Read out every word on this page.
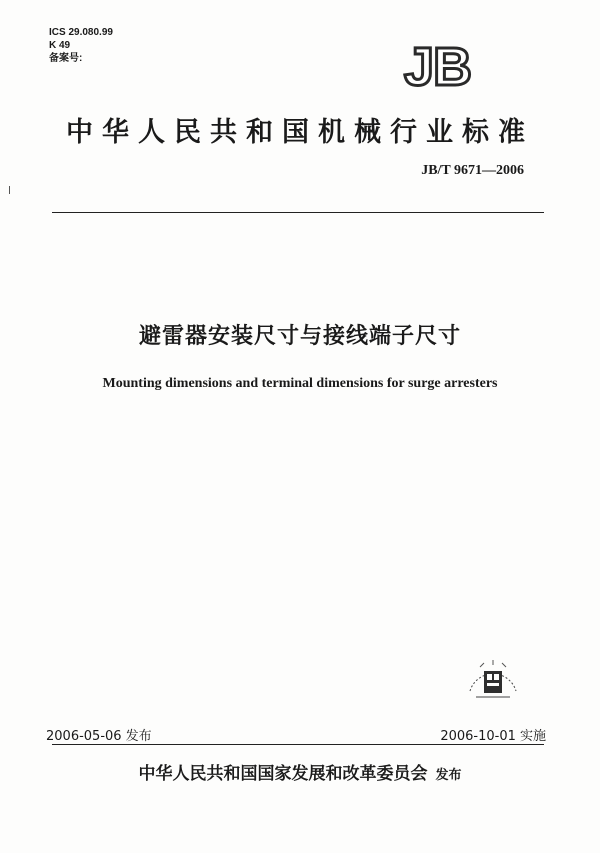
ICS 29.080.99
K 49
备案号:	JB
中华人民共和国机械行业标准
JB/T 9671—2006
避雷器安装尺寸与接线端子尺寸
Mounting dimensions and terminal dimensions for surge arresters
2006-05-06 发布	2006-10-01 实施
中华人民共和国国家发展和改革委员会 发布
